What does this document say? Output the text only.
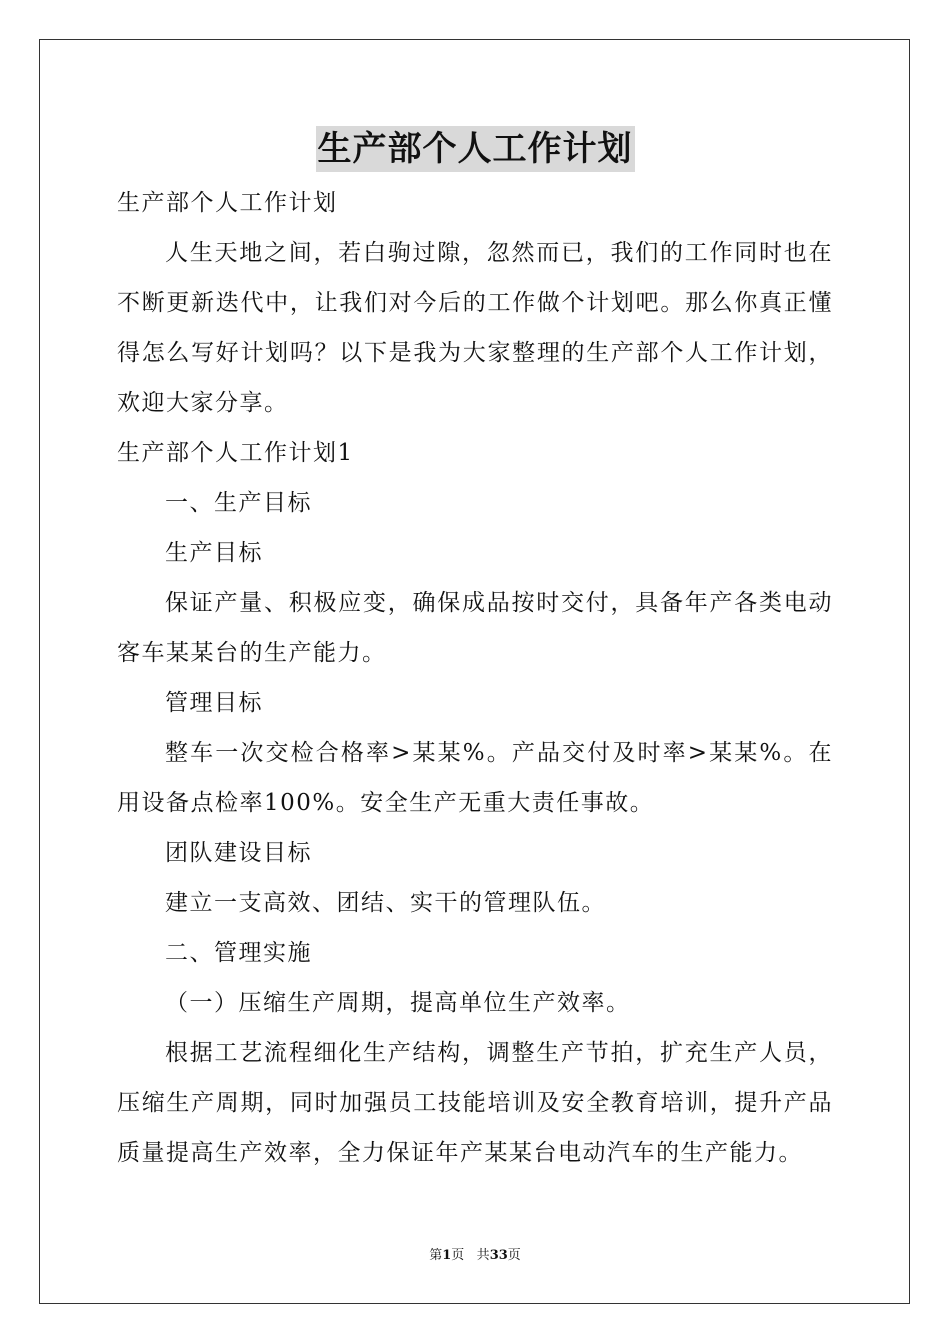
生产部个人工作计划

生产部个人工作计划

人生天地之间，若白驹过隙，忽然而已，我们的工作同时也在不断更新迭代中，让我们对今后的工作做个计划吧。那么你真正懂得怎么写好计划吗？以下是我为大家整理的生产部个人工作计划，欢迎大家分享。

生产部个人工作计划1

一、生产目标

生产目标

保证产量、积极应变，确保成品按时交付，具备年产各类电动客车某某台的生产能力。

管理目标

整车一次交检合格率>某某%。产品交付及时率>某某%。在用设备点检率100%。安全生产无重大责任事故。

团队建设目标

建立一支高效、团结、实干的管理队伍。

二、管理实施

（一）压缩生产周期，提高单位生产效率。

根据工艺流程细化生产结构，调整生产节拍，扩充生产人员，压缩生产周期，同时加强员工技能培训及安全教育培训，提升产品质量提高生产效率，全力保证年产某某台电动汽车的生产能力。

第1页 共33页
